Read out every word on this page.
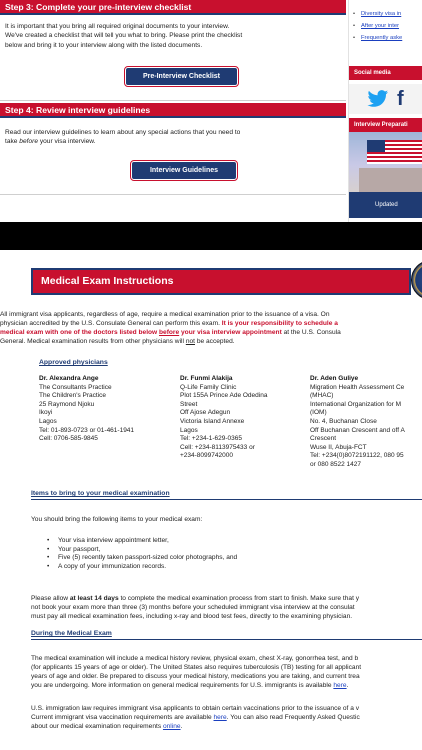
Step 3: Complete your pre-interview checklist
It is important that you bring all required original documents to your interview.
We've created a checklist that will tell you what to bring. Please print the checklist
below and bring it to your interview along with the listed documents.
Pre-Interview Checklist
Step 4: Review interview guidelines
Read our interview guidelines to learn about any special actions that you need to
take before your visa interview.
Interview Guidelines
• Diversity visa in
• After your inter
• Frequently aske
Social media
f
Interview Preparati
Updated
Medical Exam Instructions
All immigrant visa applicants, regardless of age, require a medical examination prior to the issuance of a visa. On
physician accredited by the U.S. Consulate General can perform this exam. It is your responsibility to schedule a
medical exam with one of the doctors listed below before your visa interview appointment at the U.S. Consula
General. Medical examination results from other physicians will not be accepted.
Approved physicians
Dr. Alexandra Ange
The Consultants Practice
The Children's Practice
25 Raymond Njoku
Ikoyi
Lagos
Tel: 01-893-0723 or 01-461-1941
Cell: 0706-585-9845
Dr. Funmi Alakija
Q-Life Family Clinic
Plot 155A Prince Ade Odedina
Street
Off Ajose Adegun
Victoria Island Annexe
Lagos
Tel: +234-1-629-0365
Cell: +234-8113975433 or
+234-8099742000
Dr. Aden Guliye
Migration Health Assessment Ce
(MHAC)
International Organization for M
(IOM)
No. 4, Buchanan Close
Off Buchanan Crescent and off A
Crescent
Wuse II, Abuja-FCT
Tel: +234(0)8072191122, 080 95
or 080 8522 1427
Items to bring to your medical examination
You should bring the following items to your medical exam:
• Your visa interview appointment letter,
• Your passport,
• Five (5) recently taken passport-sized color photographs, and
• A copy of your immunization records.
Please allow at least 14 days to complete the medical examination process from start to finish. Make sure that y
not book your exam more than three (3) months before your scheduled immigrant visa interview at the consulat
must pay all medical examination fees, including x-ray and blood test fees, directly to the examining physician.
During the Medical Exam
The medical examination will include a medical history review, physical exam, chest X-ray, gonorrhea test, and b
(for applicants 15 years of age or older). The United States also requires tuberculosis (TB) testing for all applicant
years of age and older. Be prepared to discuss your medical history, medications you are taking, and current trea
you are undergoing. More information on general medical requirements for U.S. immigrants is available here.
U.S. immigration law requires immigrant visa applicants to obtain certain vaccinations prior to the issuance of a v
Current immigrant visa vaccination requirements are available here. You can also read Frequently Asked Questic
about our medical examination requirements online.
